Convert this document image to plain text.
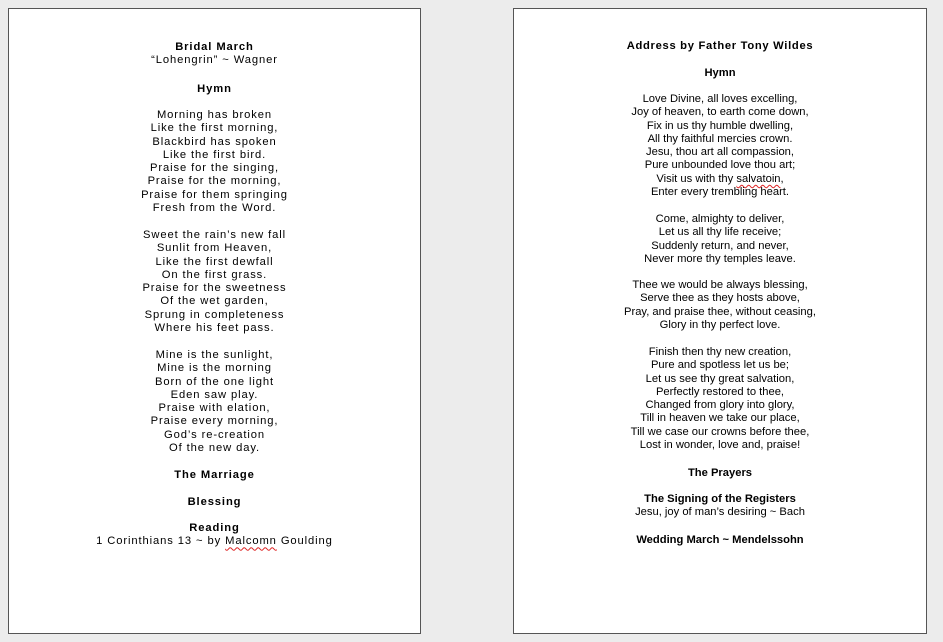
Bridal March
“Lohengrin” ~ Wagner
Hymn
Morning has broken
Like the first morning,
Blackbird has spoken
Like the first bird.
Praise for the singing,
Praise for the morning,
Praise for them springing
Fresh from the Word.
Sweet the rain’s new fall
Sunlit from Heaven,
Like the first dewfall
On the first grass.
Praise for the sweetness
Of the wet garden,
Sprung in completeness
Where his feet pass.
Mine is the sunlight,
Mine is the morning
Born of the one light
Eden saw play.
Praise with elation,
Praise every morning,
God’s re-creation
Of the new day.
The Marriage
Blessing
Reading
1 Corinthians 13 ~ by Malcomn Goulding
Address by Father Tony Wildes
Hymn
Love Divine, all loves excelling,
Joy of heaven, to earth come down,
Fix in us thy humble dwelling,
All thy faithful mercies crown.
Jesu, thou art all compassion,
Pure unbounded love thou art;
Visit us with thy salvatoin,
Enter every trembling heart.
Come, almighty to deliver,
Let us all thy life receive;
Suddenly return, and never,
Never more thy temples leave.
Thee we would be always blessing,
Serve thee as they hosts above,
Pray, and praise thee, without ceasing,
Glory in thy perfect love.
Finish then thy new creation,
Pure and spotless let us be;
Let us see thy great salvation,
Perfectly restored to thee,
Changed from glory into glory,
Till in heaven we take our place,
Till we case our crowns before thee,
Lost in wonder, love and, praise!
The Prayers
The Signing of the Registers
Jesu, joy of man’s desiring ~ Bach
Wedding March ~ Mendelssohn
